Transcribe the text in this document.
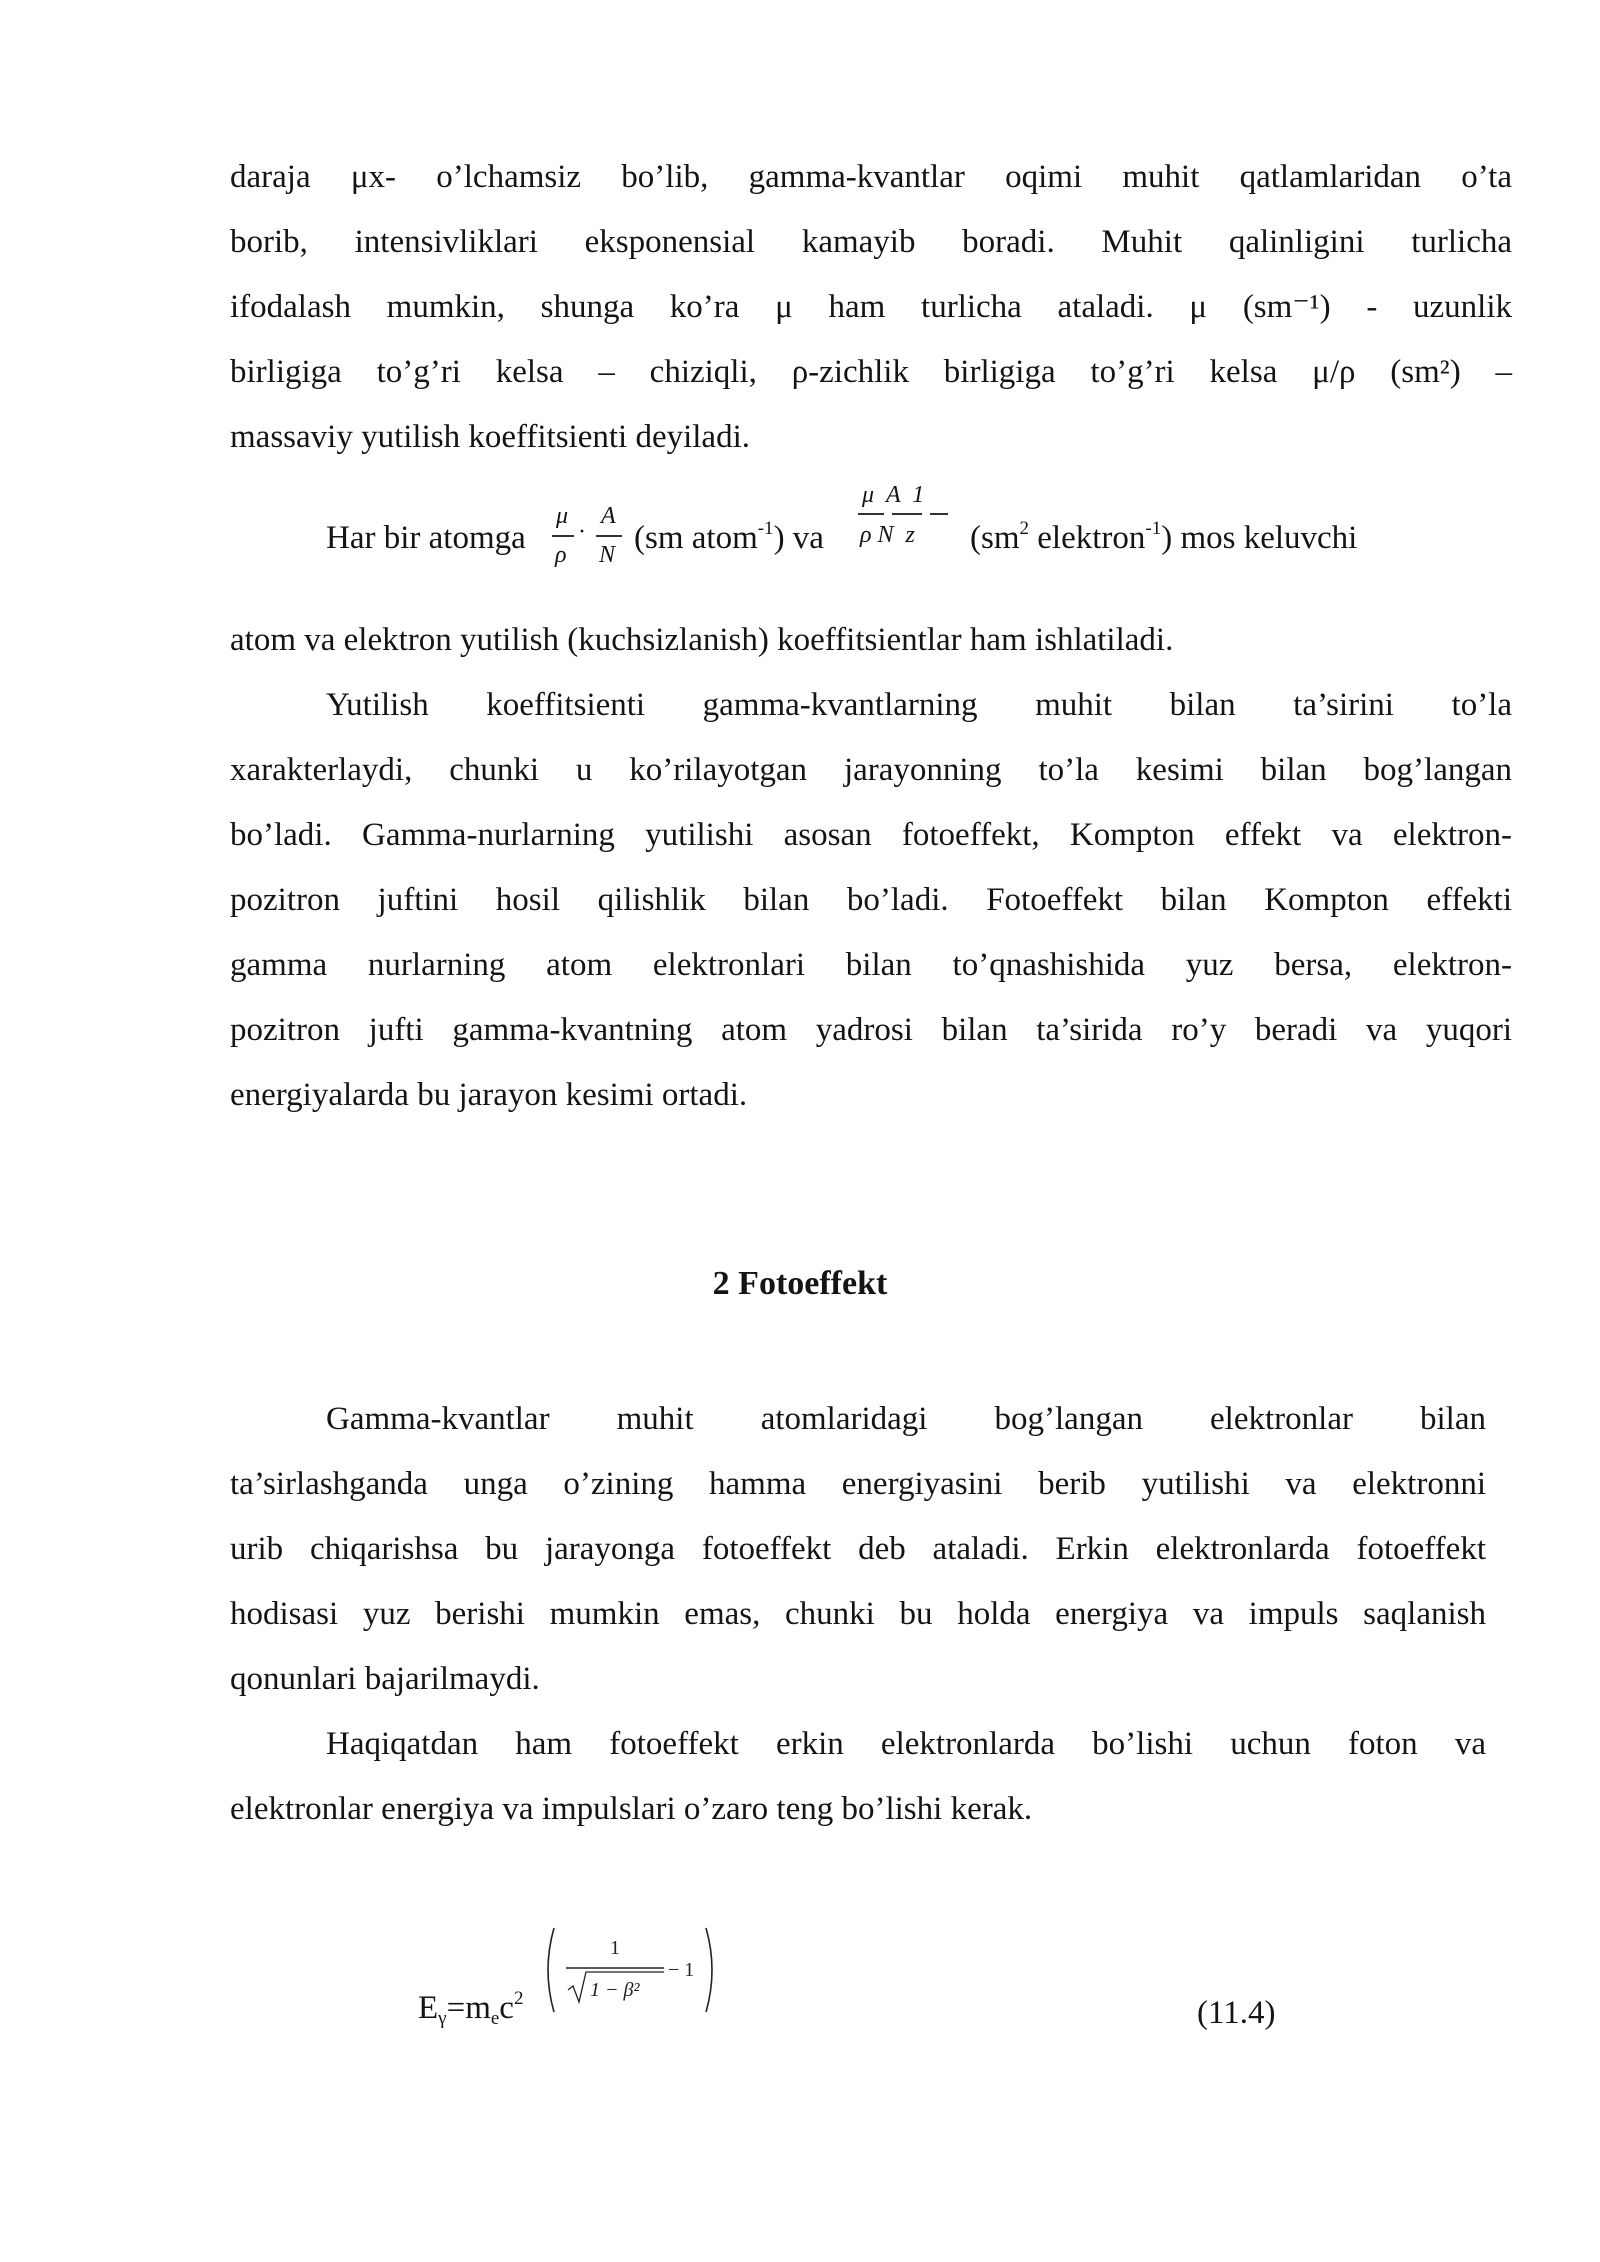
daraja μx- o’lchamsiz bo’lib, gamma-kvantlar oqimi muhit qatlamlaridan o’ta
borib, intensivliklari eksponensial kamayib boradi. Muhit qalinligini turlicha
ifodalash mumkin, shunga ko’ra μ ham turlicha ataladi. μ (sm⁻¹) - uzunlik
birligiga to’g’ri kelsa – chiziqli, ρ-zichlik birligiga to’g’ri kelsa μ/ρ (sm²) –
massaviy yutilish koeffitsienti deyiladi.
Har bir atomga
μ
ρ
·
A
N (sm atom$^{-1}$) va
μ  A  1
ρ N  z ($sm^2$ elektron$^{-1}$) mos keluvchi
atom va elektron yutilish (kuchsizlanish) koeffitsientlar ham ishlatiladi.
Yutilish koeffitsienti gamma-kvantlarning muhit bilan ta’sirini to’la
xarakterlaydi, chunki u ko’rilayotgan jarayonning to’la kesimi bilan bog’langan
bo’ladi. Gamma-nurlarning yutilishi asosan fotoeffekt, Kompton effekt va elektron-
pozitron juftini hosil qilishlik bilan bo’ladi. Fotoeffekt bilan Kompton effekti
gamma nurlarning atom elektronlari bilan to’qnashishida yuz bersa, elektron-
pozitron jufti gamma-kvantning atom yadrosi bilan ta’sirida ro’y beradi va yuqori
energiyalarda bu jarayon kesimi ortadi.
2 Fotoeffekt
Gamma-kvantlar muhit atomlaridagi bog’langan elektronlar bilan
ta’sirlashganda unga o’zining hamma energiyasini berib yutilishi va elektronni
urib chiqarishsa bu jarayonga fotoeffekt deb ataladi. Erkin elektronlarda fotoeffekt
hodisasi yuz berishi mumkin emas, chunki bu holda energiya va impuls saqlanish
qonunlari bajarilmaydi.
Haqiqatdan ham fotoeffekt erkin elektronlarda bo’lishi uchun foton va
elektronlar energiya va impulslari o’zaro teng bo’lishi kerak.
$E_\gamma=m_ec^2$
1
1 − β²
− 1
(11.4)
